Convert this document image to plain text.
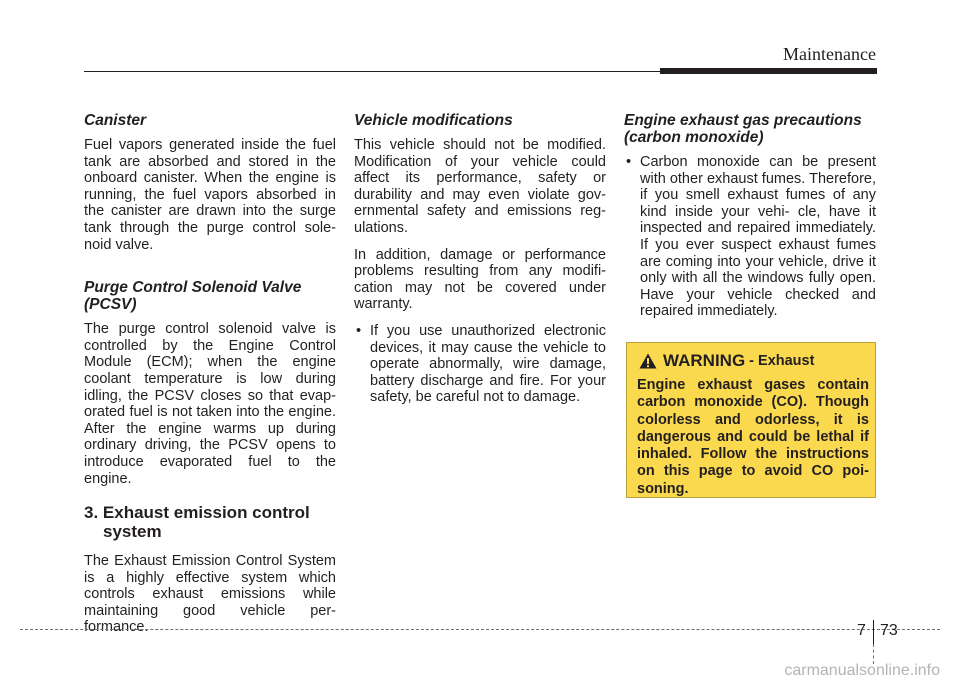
Maintenance
Canister

Fuel vapors generated inside the fuel tank are absorbed and stored in the onboard canister. When the engine is running, the fuel vapors absorbed in the canister are drawn into the surge tank through the purge control sole- noid valve.

Purge Control Solenoid Valve (PCSV)

The purge control solenoid valve is controlled by the Engine Control Module (ECM); when the engine coolant temperature is low during idling, the PCSV closes so that evap- orated fuel is not taken into the engine. After the engine warms up during ordinary driving, the PCSV opens to introduce evaporated fuel to the engine.

3. Exhaust emission control
system

The Exhaust Emission Control System is a highly effective system which controls exhaust emissions while maintaining good vehicle per- formance.

Vehicle modifications

This vehicle should not be modified. Modification of your vehicle could affect its performance, safety or durability and may even violate gov- ernmental safety and emissions reg- ulations.

In addition, damage or performance problems resulting from any modifi- cation may not be covered under warranty.

• If you use unauthorized electronic devices, it may cause the vehicle to operate abnormally, wire damage, battery discharge and fire. For your safety, be careful not to damage.
Engine exhaust gas precautions (carbon monoxide)
• Carbon monoxide can be present with other exhaust fumes. Therefore, if you smell exhaust fumes of any kind inside your vehi- cle, have it inspected and repaired immediately. If you ever suspect exhaust fumes are coming into your vehicle, drive it only with all the windows fully open. Have your vehicle checked and repaired immediately.
WARNING - Exhaust
Engine exhaust gases contain carbon monoxide (CO). Though colorless and odorless, it is dangerous and could be lethal if inhaled. Follow the instructions on this page to avoid CO poi- soning.
7 73
carmanualsonline.info
